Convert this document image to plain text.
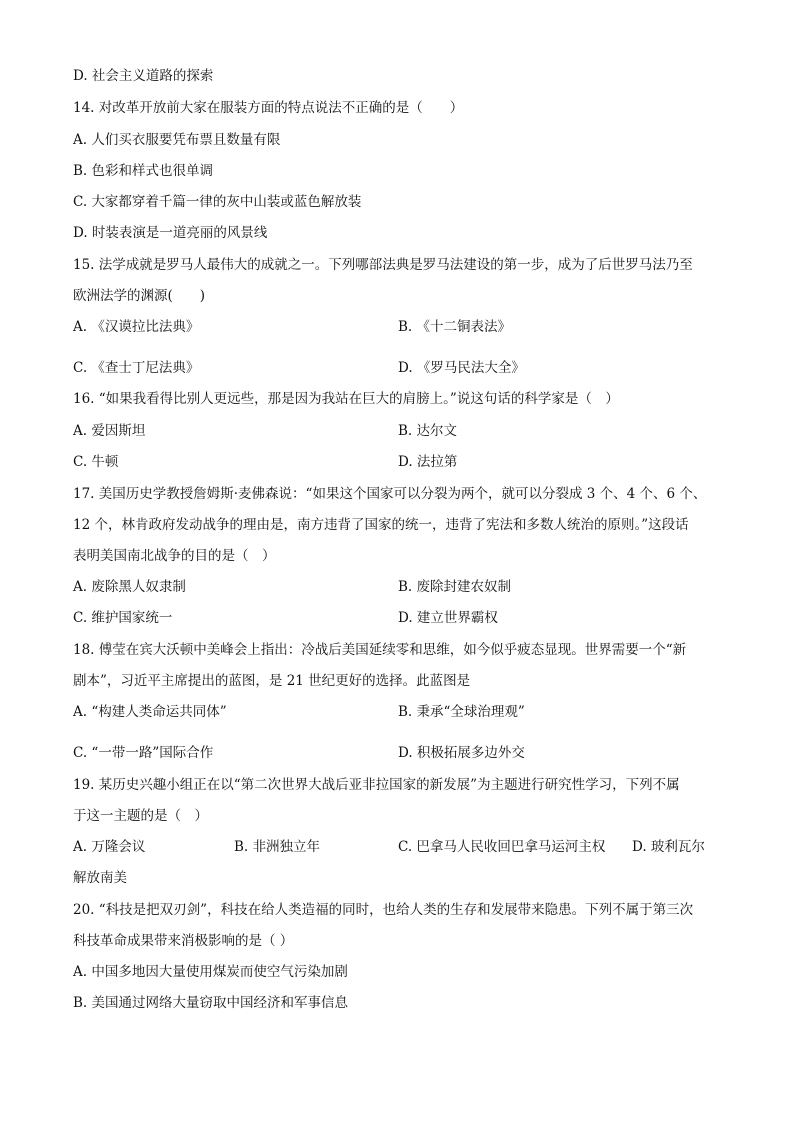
D. 社会主义道路的探索
14. 对改革开放前大家在服装方面的特点说法不正确的是（　　）
A. 人们买衣服要凭布票且数量有限
B. 色彩和样式也很单调
C. 大家都穿着千篇一律的灰中山装或蓝色解放装
D. 时装表演是一道亮丽的风景线
15. 法学成就是罗马人最伟大的成就之一。下列哪部法典是罗马法建设的第一步，成为了后世罗马法乃至
欧洲法学的渊源(　　)
A. 《汉谟拉比法典》	B. 《十二铜表法》
C. 《查士丁尼法典》	D. 《罗马民法大全》
16. “如果我看得比别人更远些，那是因为我站在巨大的肩膀上。”说这句话的科学家是（　）
A. 爱因斯坦	B. 达尔文
C. 牛顿	D. 法拉第
17. 美国历史学教授詹姆斯·麦佛森说：“如果这个国家可以分裂为两个，就可以分裂成 3 个、4 个、6 个、
12 个，林肯政府发动战争的理由是，南方违背了国家的统一，违背了宪法和多数人统治的原则。”这段话
表明美国南北战争的目的是（　）
A. 废除黑人奴隶制	B. 废除封建农奴制
C. 维护国家统一	D. 建立世界霸权
18. 傅莹在宾大沃顿中美峰会上指出：冷战后美国延续零和思维，如今似乎疲态显现。世界需要一个“新
剧本”，习近平主席提出的蓝图，是 21 世纪更好的选择。此蓝图是
A. “构建人类命运共同体”	B. 秉承“全球治理观”
C. “一带一路”国际合作	D. 积极拓展多边外交
19. 某历史兴趣小组正在以“第二次世界大战后亚非拉国家的新发展”为主题进行研究性学习，下列不属
于这一主题的是（　）
A. 万隆会议	B. 非洲独立年	C. 巴拿马人民收回巴拿马运河主权 D. 玻利瓦尔
解放南美
20. “科技是把双刃剑”，科技在给人类造福的同时，也给人类的生存和发展带来隐患。下列不属于第三次
科技革命成果带来消极影响的是（ ）
A. 中国多地因大量使用煤炭而使空气污染加剧
B. 美国通过网络大量窃取中国经济和军事信息
